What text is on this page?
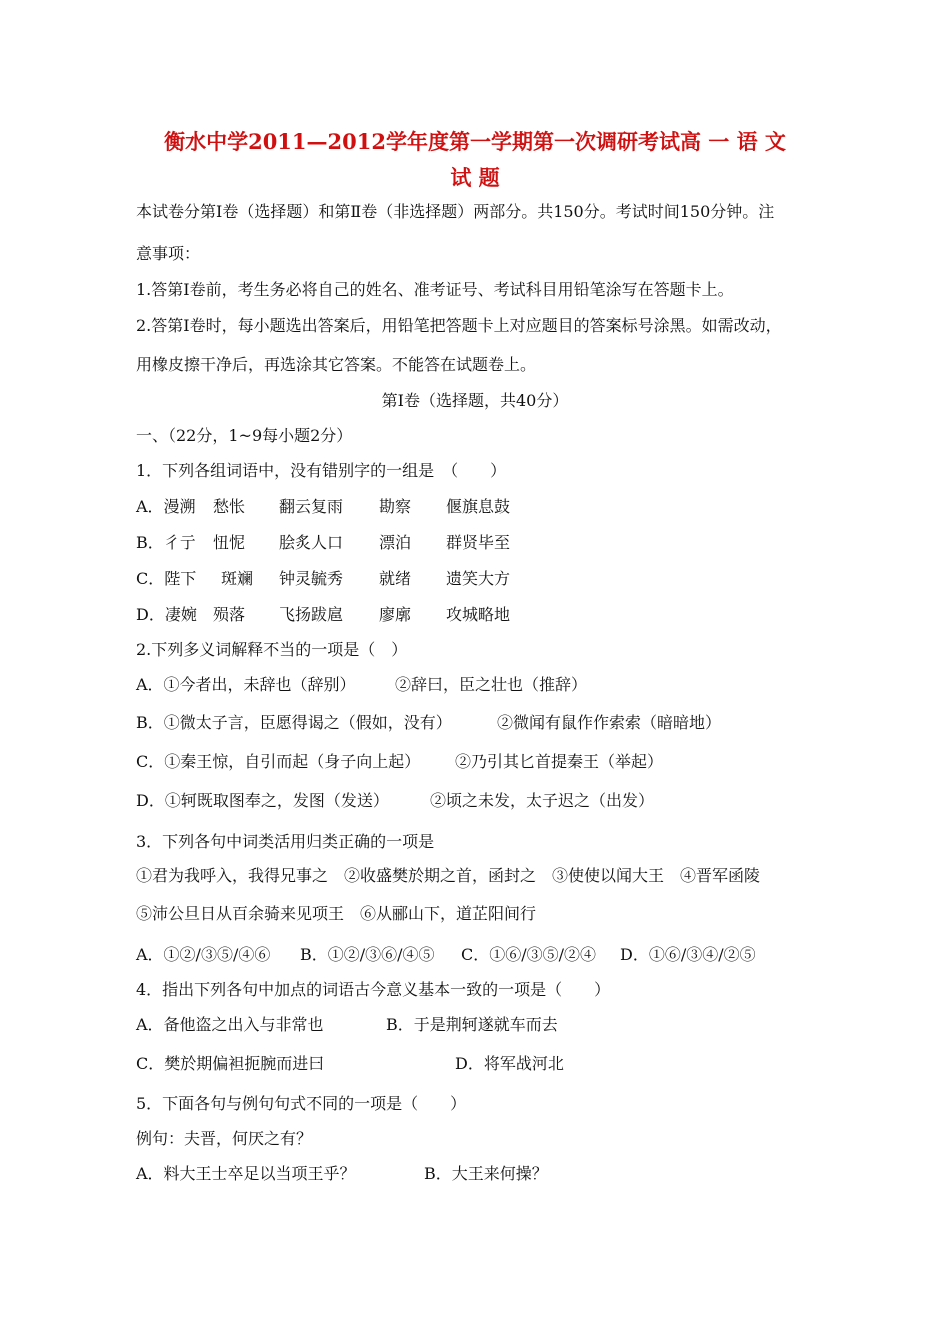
衡水中学2011—2012学年度第一学期第一次调研考试高 一 语 文
试 题
本试卷分第Ⅰ卷（选择题）和第Ⅱ卷（非选择题）两部分。共150分。考试时间150分钟。注
意事项：
1.答第Ⅰ卷前，考生务必将自己的姓名、准考证号、考试科目用铅笔涂写在答题卡上。
2.答第Ⅰ卷时，每小题选出答案后，用铅笔把答题卡上对应题目的答案标号涂黑。如需改动，
用橡皮擦干净后，再选涂其它答案。不能答在试题卷上。
第Ⅰ卷（选择题，共40分）
一、（22分，1~9每小题2分）
1．下列各组词语中，没有错别字的一组是　（　　）
A．漫溯 愁怅 翻云复雨 勘察 偃旗息鼓
B．彳亍 忸怩 脍炙人口 漂泊 群贤毕至
C．陛下 斑斓 钟灵毓秀 就绪 遗笑大方
D．凄婉 殒落 飞扬跋扈 廖廓 攻城略地
2.下列多义词解释不当的一项是（　）
A．①今者出，未辞也（辞别） ②辞曰，臣之壮也（推辞）
B．①微太子言，臣愿得谒之（假如，没有）	②微闻有鼠作作索索（暗暗地）
C．①秦王惊，自引而起（身子向上起） ②乃引其匕首提秦王（举起）
D．①轲既取图奉之，发图（发送）	②顷之未发，太子迟之（出发）
3．下列各句中词类活用归类正确的一项是
①君为我呼入，我得兄事之　②收盛樊於期之首，函封之　③使使以闻大王　④晋军函陵
⑤沛公旦日从百余骑来见项王　⑥从郦山下，道芷阳间行
A．①②/③⑤/④⑥ B．①②/③⑥/④⑤ C．①⑥/③⑤/②④ D．①⑥/③④/②⑤
4．指出下列各句中加点的词语古今意义基本一致的一项是（　　）
A．备他盗之出入与非常也	B．于是荆轲遂就车而去
C．樊於期偏袒扼腕而进曰	D．将军战河北
5．下面各句与例句句式不同的一项是（　　）
例句：夫晋，何厌之有？
A．料大王士卒足以当项王乎？	B．大王来何操？
